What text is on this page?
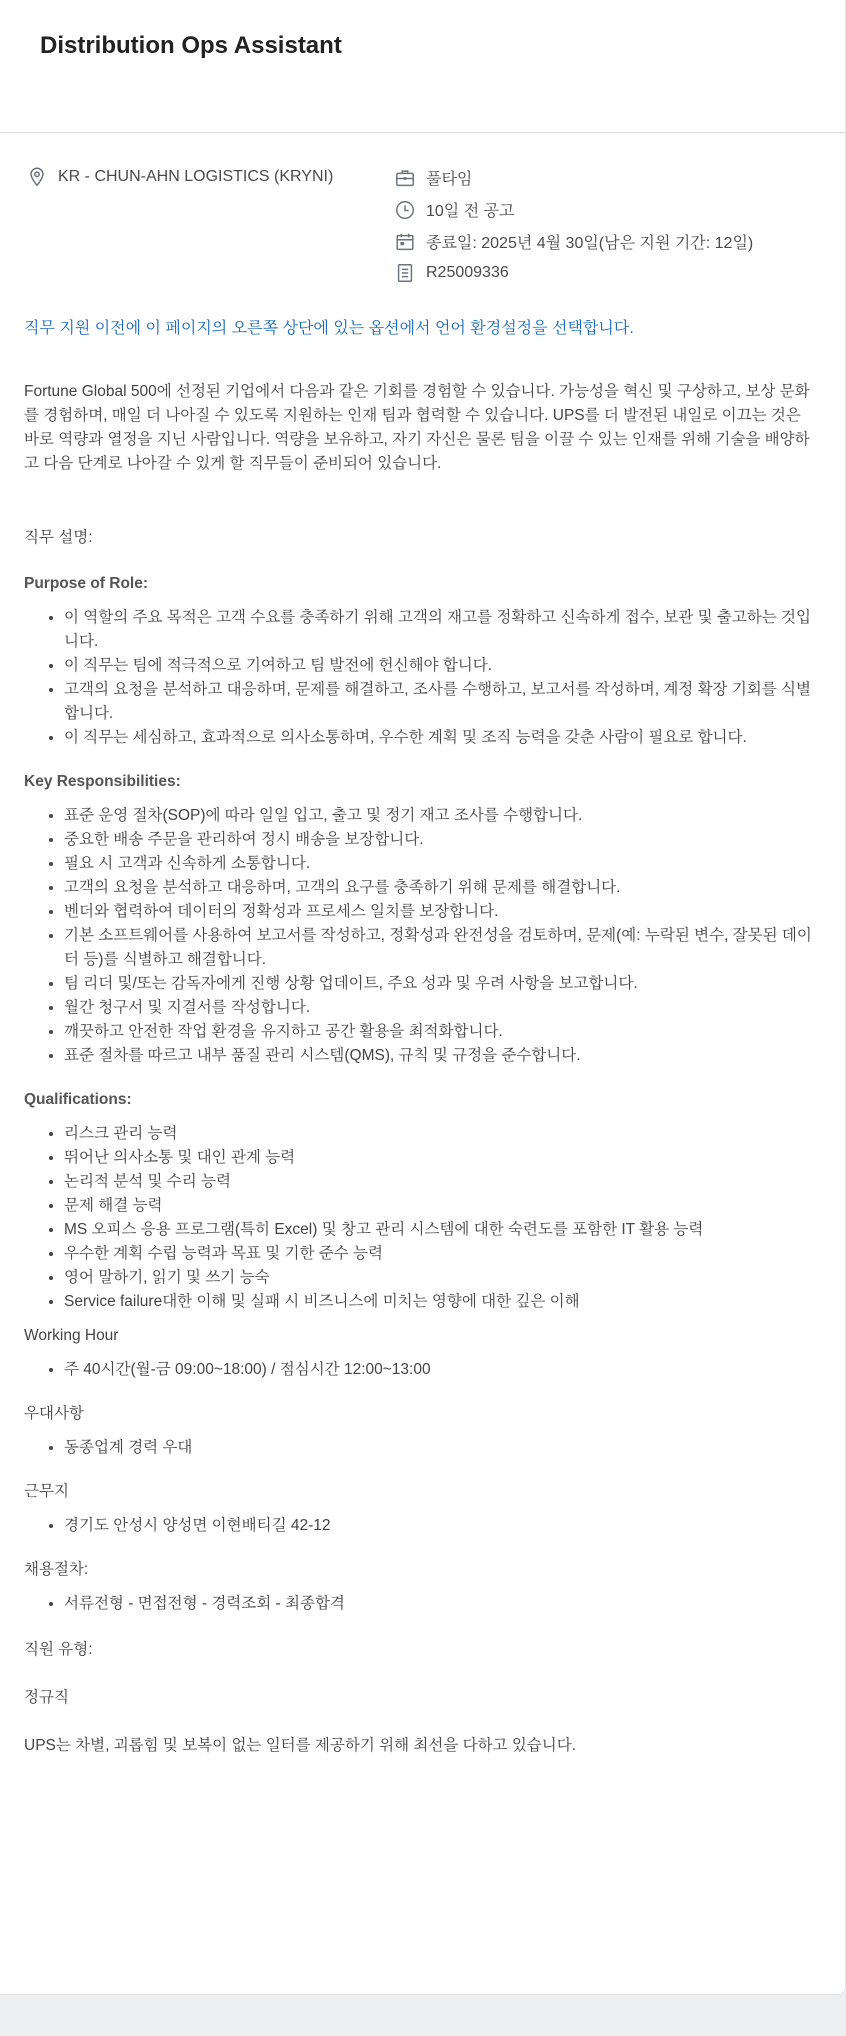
Distribution Ops Assistant
KR - CHUN-AHN LOGISTICS (KRYNI)	풀타임
10일 전 공고
종료일: 2025년 4월 30일(남은 지원 기간: 12일)
R25009336

직무 지원 이전에 이 페이지의 오른쪽 상단에 있는 옵션에서 언어 환경설정을 선택합니다.

Fortune Global 500에 선정된 기업에서 다음과 같은 기회를 경험할 수 있습니다. 가능성을 혁신 및 구상하고, 보상 문화를 경험하며, 매일 더 나아질 수 있도록 지원하는 인재 팀과 협력할 수 있습니다. UPS를 더 발전된 내일로 이끄는 것은 바로 역량과 열정을 지닌 사람입니다. 역량을 보유하고, 자기 자신은 물론 팀을 이끌 수 있는 인재를 위해 기술을 배양하고 다음 단계로 나아갈 수 있게 할 직무들이 준비되어 있습니다.

직무 설명:

Purpose of Role:

• 이 역할의 주요 목적은 고객 수요를 충족하기 위해 고객의 재고를 정확하고 신속하게 접수, 보관 및 출고하는 것입니다.
• 이 직무는 팀에 적극적으로 기여하고 팀 발전에 헌신해야 합니다.
• 고객의 요청을 분석하고 대응하며, 문제를 해결하고, 조사를 수행하고, 보고서를 작성하며, 계정 확장 기회를 식별합니다.
• 이 직무는 세심하고, 효과적으로 의사소통하며, 우수한 계획 및 조직 능력을 갖춘 사람이 필요로 합니다.

Key Responsibilities:

• 표준 운영 절차(SOP)에 따라 일일 입고, 출고 및 정기 재고 조사를 수행합니다.
• 중요한 배송 주문을 관리하여 정시 배송을 보장합니다.
• 필요 시 고객과 신속하게 소통합니다.
• 고객의 요청을 분석하고 대응하며, 고객의 요구를 충족하기 위해 문제를 해결합니다.
• 벤더와 협력하여 데이터의 정확성과 프로세스 일치를 보장합니다.
• 기본 소프트웨어를 사용하여 보고서를 작성하고, 정확성과 완전성을 검토하며, 문제(예: 누락된 변수, 잘못된 데이터 등)를 식별하고 해결합니다.
• 팀 리더 및/또는 감독자에게 진행 상황 업데이트, 주요 성과 및 우려 사항을 보고합니다.
• 월간 청구서 및 지결서를 작성합니다.
• 깨끗하고 안전한 작업 환경을 유지하고 공간 활용을 최적화합니다.
• 표준 절차를 따르고 내부 품질 관리 시스템(QMS), 규칙 및 규정을 준수합니다.

Qualifications:

• 리스크 관리 능력
• 뛰어난 의사소통 및 대인 관계 능력
• 논리적 분석 및 수리 능력
• 문제 해결 능력
• MS 오피스 응용 프로그램(특히 Excel) 및 창고 관리 시스템에 대한 숙련도를 포함한 IT 활용 능력
• 우수한 계획 수립 능력과 목표 및 기한 준수 능력
• 영어 말하기, 읽기 및 쓰기 능숙
• Service failure대한 이해 및 실패 시 비즈니스에 미치는 영향에 대한 깊은 이해

Working Hour

• 주 40시간(월-금 09:00~18:00) / 점심시간 12:00~13:00

우대사항

• 동종업계 경력 우대

근무지

• 경기도 안성시 양성면 이현배티길 42-12

채용절차:

• 서류전형 - 면접전형 - 경력조회 - 최종합격

직원 유형:

정규직

UPS는 차별, 괴롭힘 및 보복이 없는 일터를 제공하기 위해 최선을 다하고 있습니다.
